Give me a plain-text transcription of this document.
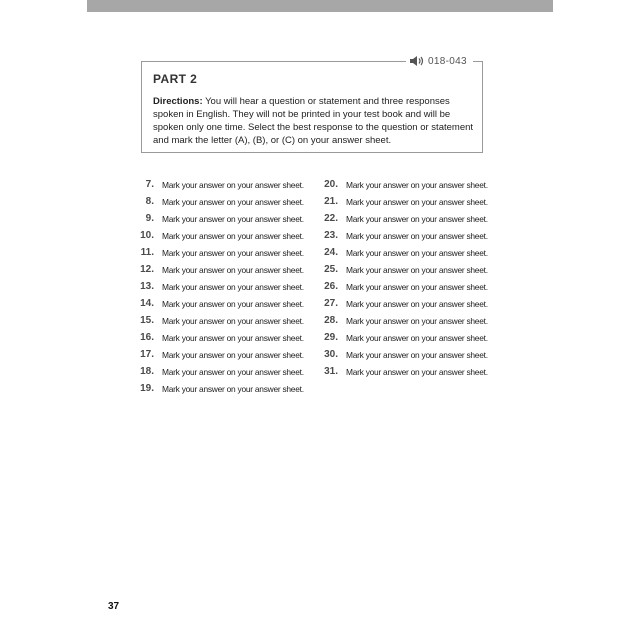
018-043
PART 2
Directions: You will hear a question or statement and three responses spoken in English. They will not be printed in your test book and will be spoken only one time. Select the best response to the question or statement and mark the letter (A), (B), or (C) on your answer sheet.
7. Mark your answer on your answer sheet.
8. Mark your answer on your answer sheet.
9. Mark your answer on your answer sheet.
10. Mark your answer on your answer sheet.
11. Mark your answer on your answer sheet.
12. Mark your answer on your answer sheet.
13. Mark your answer on your answer sheet.
14. Mark your answer on your answer sheet.
15. Mark your answer on your answer sheet.
16. Mark your answer on your answer sheet.
17. Mark your answer on your answer sheet.
18. Mark your answer on your answer sheet.
19. Mark your answer on your answer sheet.
20. Mark your answer on your answer sheet.
21. Mark your answer on your answer sheet.
22. Mark your answer on your answer sheet.
23. Mark your answer on your answer sheet.
24. Mark your answer on your answer sheet.
25. Mark your answer on your answer sheet.
26. Mark your answer on your answer sheet.
27. Mark your answer on your answer sheet.
28. Mark your answer on your answer sheet.
29. Mark your answer on your answer sheet.
30. Mark your answer on your answer sheet.
31. Mark your answer on your answer sheet.
37
